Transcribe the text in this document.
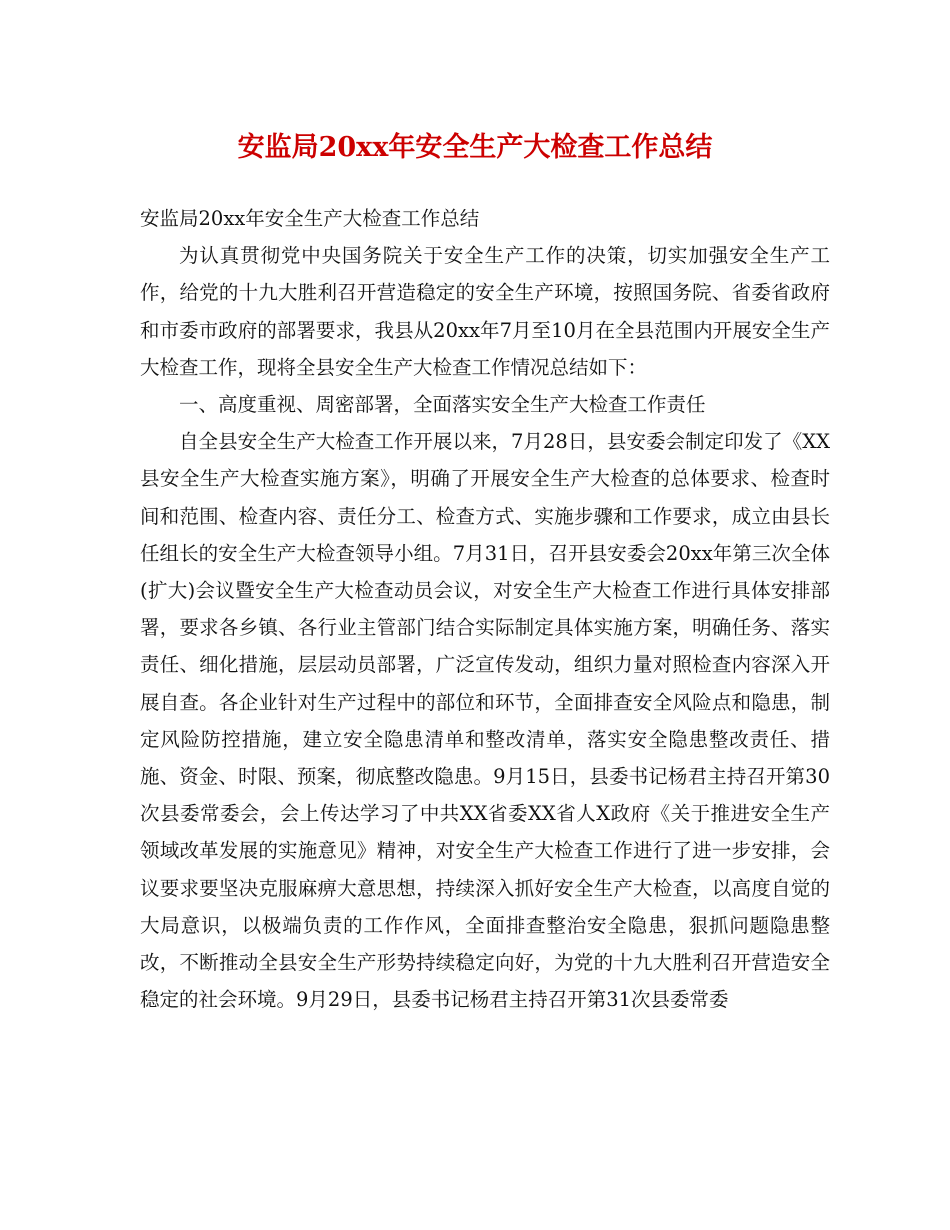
安监局20xx年安全生产大检查工作总结

安监局20xx年安全生产大检查工作总结

为认真贯彻党中央国务院关于安全生产工作的决策，切实加强安全生产工作，给党的十九大胜利召开营造稳定的安全生产环境，按照国务院、省委省政府和市委市政府的部署要求，我县从20xx年7月至10月在全县范围内开展安全生产大检查工作，现将全县安全生产大检查工作情况总结如下：

一、高度重视、周密部署，全面落实安全生产大检查工作责任

自全县安全生产大检查工作开展以来，7月28日，县安委会制定印发了《XX县安全生产大检查实施方案》，明确了开展安全生产大检查的总体要求、检查时间和范围、检查内容、责任分工、检查方式、实施步骤和工作要求，成立由县长任组长的安全生产大检查领导小组。7月31日，召开县安委会20xx年第三次全体(扩大)会议暨安全生产大检查动员会议，对安全生产大检查工作进行具体安排部署，要求各乡镇、各行业主管部门结合实际制定具体实施方案，明确任务、落实责任、细化措施，层层动员部署，广泛宣传发动，组织力量对照检查内容深入开展自查。各企业针对生产过程中的部位和环节，全面排查安全风险点和隐患，制定风险防控措施，建立安全隐患清单和整改清单，落实安全隐患整改责任、措施、资金、时限、预案，彻底整改隐患。9月15日，县委书记杨君主持召开第30次县委常委会，会上传达学习了中共XX省委XX省人X政府《关于推进安全生产领域改革发展的实施意见》精神，对安全生产大检查工作进行了进一步安排，会议要求要坚决克服麻痹大意思想，持续深入抓好安全生产大检查，以高度自觉的大局意识，以极端负责的工作作风，全面排查整治安全隐患，狠抓问题隐患整改，不断推动全县安全生产形势持续稳定向好，为党的十九大胜利召开营造安全稳定的社会环境。9月29日，县委书记杨君主持召开第31次县委常委
